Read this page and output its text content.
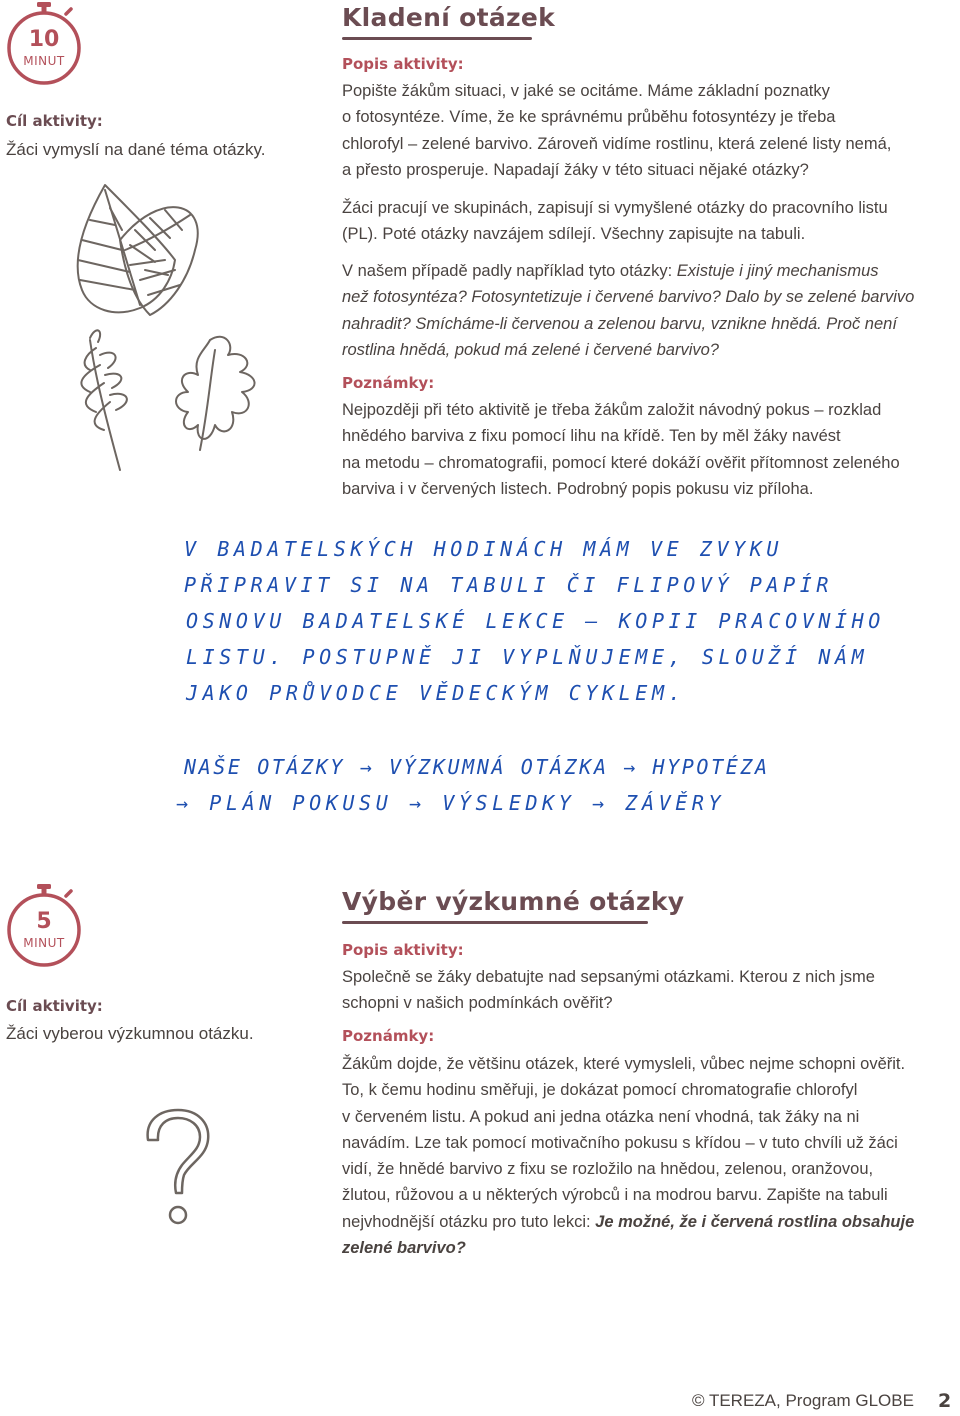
10
MINUT
Kladení otázek
Cíl aktivity:
Žáci vymyslí na dané téma otázky.
Popis aktivity:
Popište žákům situaci, v jaké se ocitáme. Máme základní poznatky
o fotosyntéze. Víme, že ke správnému průběhu fotosyntézy je třeba
chlorofyl – zelené barvivo. Zároveň vidíme rostlinu, která zelené listy nemá,
a přesto prosperuje. Napadají žáky v této situaci nějaké otázky?
Žáci pracují ve skupinách, zapisují si vymyšlené otázky do pracovního listu
(PL). Poté otázky navzájem sdílejí. Všechny zapisujte na tabuli.
V našem případě padly například tyto otázky: Existuje i jiný mechanismus
než fotosyntéza? Fotosyntetizuje i červené barvivo? Dalo by se zelené barvivo
nahradit? Smícháme-li červenou a zelenou barvu, vznikne hnědá. Proč není
rostlina hnědá, pokud má zelené i červené barvivo?
Poznámky:
Nejpozději při této aktivitě je třeba žákům založit návodný pokus – rozklad
hnědého barviva z fixu pomocí lihu na křídě. Ten by měl žáky navést
na metodu – chromatografii, pomocí které dokáží ověřit přítomnost zeleného
barviva i v červených listech. Podrobný popis pokusu viz příloha.
V BADATELSKÝCH HODINÁCH MÁM VE ZVYKU
PŘIPRAVIT SI NA TABULI ČI FLIPOVÝ PAPÍR
OSNOVU BADATELSKÉ LEKCE – KOPII PRACOVNÍHO
LISTU. POSTUPNĚ JI VYPLŇUJEME, SLOUŽÍ NÁM
JAKO PRŮVODCE VĚDECKÝM CYKLEM.
NAŠE OTÁZKY → VÝZKUMNÁ OTÁZKA → HYPOTÉZA
→ PLÁN POKUSU → VÝSLEDKY → ZÁVĚRY
5
MINUT
Výběr výzkumné otázky
Cíl aktivity:
Žáci vyberou výzkumnou otázku.
Popis aktivity:
Společně se žáky debatujte nad sepsanými otázkami. Kterou z nich jsme
schopni v našich podmínkách ověřit?
Poznámky:
Žákům dojde, že většinu otázek, které vymysleli, vůbec nejme schopni ověřit.
To, k čemu hodinu směřuji, je dokázat pomocí chromatografie chlorofyl
v červeném listu. A pokud ani jedna otázka není vhodná, tak žáky na ni
navádím. Lze tak pomocí motivačního pokusu s křídou – v tuto chvíli už žáci
vidí, že hnědé barvivo z fixu se rozložilo na hnědou, zelenou, oranžovou,
žlutou, růžovou a u některých výrobců i na modrou barvu. Zapište na tabuli
nejvhodnější otázku pro tuto lekci: Je možné, že i červená rostlina obsahuje
zelené barvivo?
© TEREZA, Program GLOBE 2
